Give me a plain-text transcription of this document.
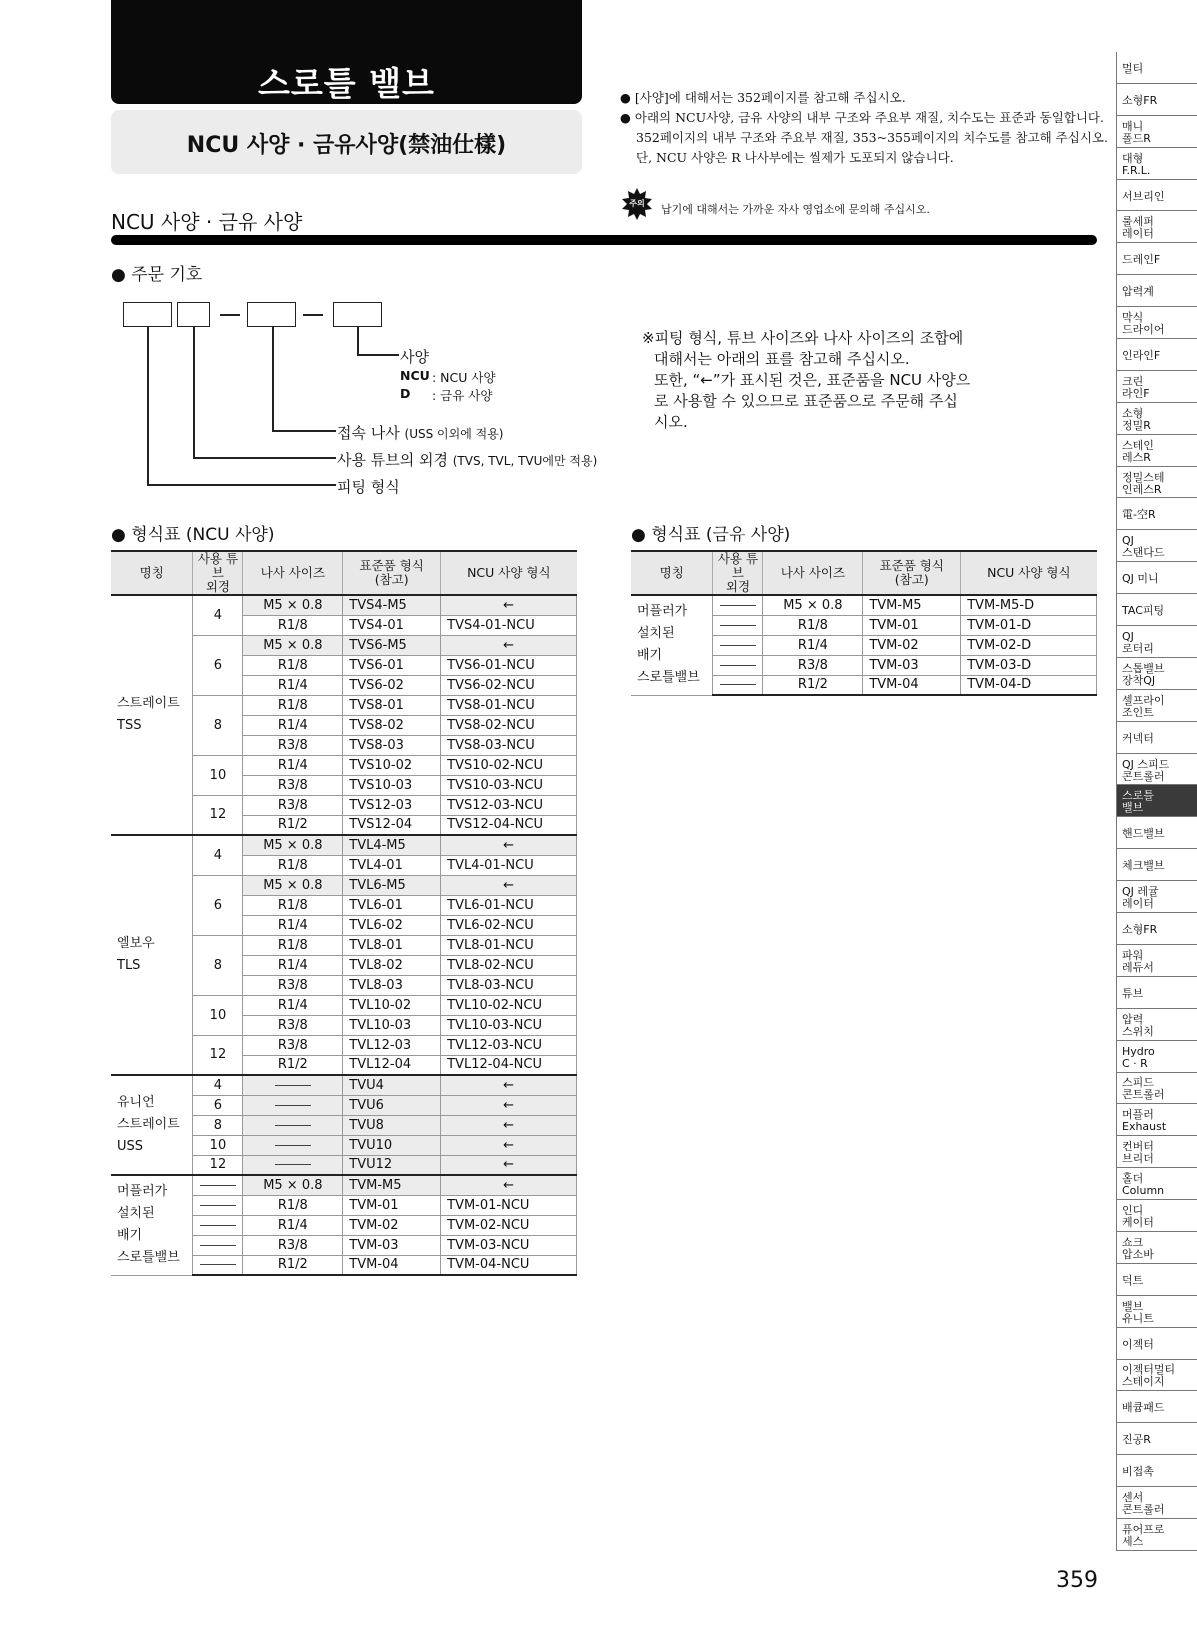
스로틀 밸브
NCU 사양 · 금유사양(禁油仕樣)
● [사양]에 대해서는 352페이지를 참고해 주십시오.
● 아래의 NCU사양, 금유 사양의 내부 구조와 주요부 재질, 치수도는 표준과 동일합니다.
352페이지의 내부 구조와 주요부 재질, 353~355페이지의 치수도를 참고해 주십시오.
단, NCU 사양은 R 나사부에는 씰제가 도포되지 않습니다.
주의 납기에 대해서는 가까운 자사 영업소에 문의해 주십시오.
NCU 사양 · 금유 사양
● 주문 기호
사양
NCU : NCU 사양
D : 금유 사양
접속 나사 (USS 이외에 적용)
사용 튜브의 외경 (TVS, TVL, TVU에만 적용)
피팅 형식
※피팅 형식, 튜브 사이즈와 나사 사이즈의 조합에
대해서는 아래의 표를 참고해 주십시오.
또한, “←”가 표시된 것은, 표준품을 NCU 사양으
로 사용할 수 있으므로 표준품으로 주문해 주십
시오.
● 형식표 (NCU 사양)
명칭	사용 튜브
외경	나사 사이즈	표준품 형식
(참고)	NCU 사양 형식
스트레이트
TSS	4	M5 × 0.8	TVS4-M5	←
		R1/8	TVS4-01	TVS4-01-NCU
	6	M5 × 0.8	TVS6-M5	←
		R1/8	TVS6-01	TVS6-01-NCU
		R1/4	TVS6-02	TVS6-02-NCU
	8	R1/8	TVS8-01	TVS8-01-NCU
		R1/4	TVS8-02	TVS8-02-NCU
		R3/8	TVS8-03	TVS8-03-NCU
	10	R1/4	TVS10-02	TVS10-02-NCU
		R3/8	TVS10-03	TVS10-03-NCU
	12	R3/8	TVS12-03	TVS12-03-NCU
		R1/2	TVS12-04	TVS12-04-NCU
엘보우
TLS	4	M5 × 0.8	TVL4-M5	←
		R1/8	TVL4-01	TVL4-01-NCU
	6	M5 × 0.8	TVL6-M5	←
		R1/8	TVL6-01	TVL6-01-NCU
		R1/4	TVL6-02	TVL6-02-NCU
	8	R1/8	TVL8-01	TVL8-01-NCU
		R1/4	TVL8-02	TVL8-02-NCU
		R3/8	TVL8-03	TVL8-03-NCU
	10	R1/4	TVL10-02	TVL10-02-NCU
		R3/8	TVL10-03	TVL10-03-NCU
	12	R3/8	TVL12-03	TVL12-03-NCU
		R1/2	TVL12-04	TVL12-04-NCU
유니언
스트레이트
USS	4		TVU4	←
	6		TVU6	←
	8		TVU8	←
	10		TVU10	←
	12		TVU12	←
머플러가
설치된
배기
스로틀밸브		M5 × 0.8	TVM-M5	←
		R1/8	TVM-01	TVM-01-NCU
		R1/4	TVM-02	TVM-02-NCU
		R3/8	TVM-03	TVM-03-NCU
		R1/2	TVM-04	TVM-04-NCU
● 형식표 (금유 사양)
명칭	사용 튜브
외경	나사 사이즈	표준품 형식
(참고)	NCU 사양 형식
머플러가
설치된
배기
스로틀밸브		M5 × 0.8	TVM-M5	TVM-M5-D
		R1/8	TVM-01	TVM-01-D
		R1/4	TVM-02	TVM-02-D
		R3/8	TVM-03	TVM-03-D
		R1/2	TVM-04	TVM-04-D
멀티
소형FR
매니
폴드R
대형
F.R.L.
서브리인
룰세퍼
레이터
드레인F
압력계
막식
드라이어
인라인F
크린
라인F
소형
정밀R
스테인
레스R
정밀스테
인레스R
電-空R
QJ
스탠다드
QJ 미니
TAC피팅
QJ
로터리
스톱밸브
장착QJ
셀프라이
조인트
커넥터
QJ 스피드
콘트롤러
스로틀
밸브
핸드밸브
체크밸브
QJ 레귤
레이터
소형FR
파워
레듀서
튜브
압력
스위치
Hydro
C · R
스피드
콘트롤러
머플러
Exhaust
컨버터
브리더
홀더
Column
인디
케이터
쇼크
압소바
덕트
밸브
유니트
이젝터
이젝터멀티
스테이지
배큠패드
진공R
비접촉
센서
콘트롤러
퓨어프로
세스
359
